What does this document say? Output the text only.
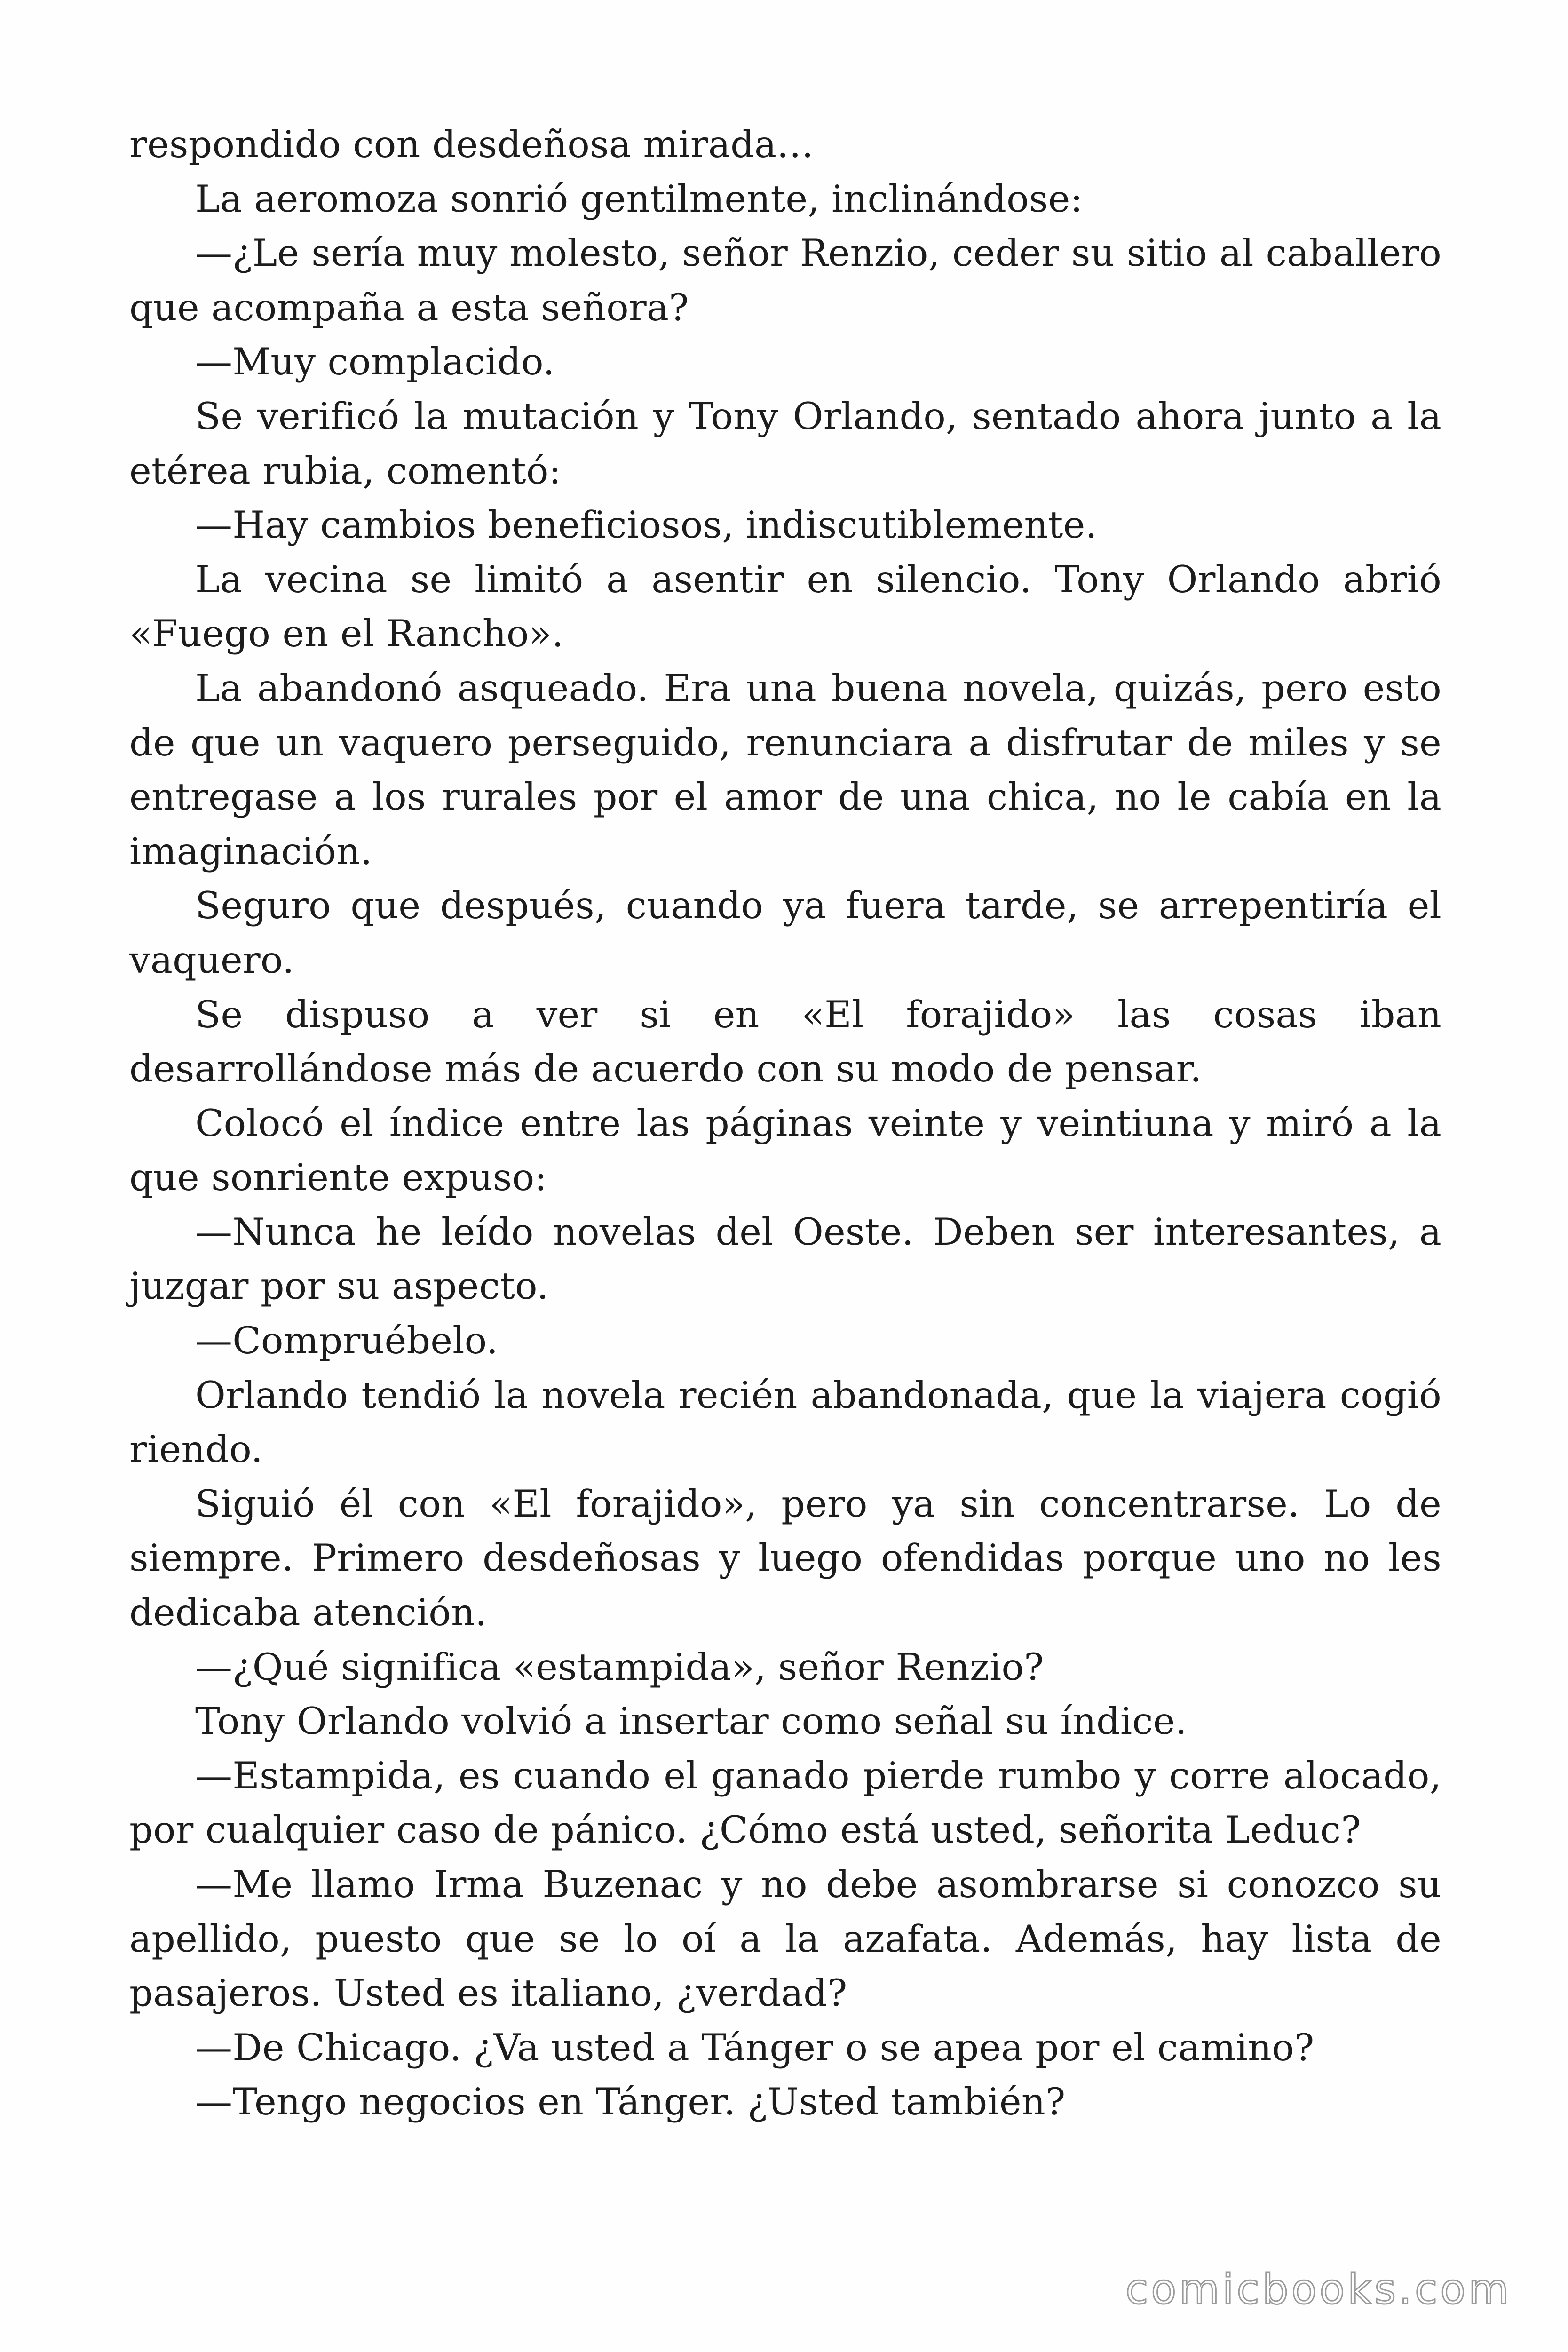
respondido con desdeñosa mirada…

La aeromoza sonrió gentilmente, inclinándose:

—¿Le sería muy molesto, señor Renzio, ceder su sitio al caballero que acompaña a esta señora?

—Muy complacido.

Se verificó la mutación y Tony Orlando, sentado ahora junto a la etérea rubia, comentó:

—Hay cambios beneficiosos, indiscutiblemente.

La vecina se limitó a asentir en silencio. Tony Orlando abrió «Fuego en el Rancho».

La abandonó asqueado. Era una buena novela, quizás, pero esto de que un vaquero perseguido, renunciara a disfrutar de miles y se entregase a los rurales por el amor de una chica, no le cabía en la imaginación.

Seguro que después, cuando ya fuera tarde, se arrepentiría el vaquero.

Se dispuso a ver si en «El forajido» las cosas iban desarrollándose más de acuerdo con su modo de pensar.

Colocó el índice entre las páginas veinte y veintiuna y miró a la que sonriente expuso:

—Nunca he leído novelas del Oeste. Deben ser interesantes, a juzgar por su aspecto.

—Compruébelo.

Orlando tendió la novela recién abandonada, que la viajera cogió riendo.

Siguió él con «El forajido», pero ya sin concentrarse. Lo de siempre. Primero desdeñosas y luego ofendidas porque uno no les dedicaba atención.

—¿Qué significa «estampida», señor Renzio?

Tony Orlando volvió a insertar como señal su índice.

—Estampida, es cuando el ganado pierde rumbo y corre alocado, por cualquier caso de pánico. ¿Cómo está usted, señorita Leduc?

—Me llamo Irma Buzenac y no debe asombrarse si conozco su apellido, puesto que se lo oí a la azafata. Además, hay lista de pasajeros. Usted es italiano, ¿verdad?

—De Chicago. ¿Va usted a Tánger o se apea por el camino?

—Tengo negocios en Tánger. ¿Usted también?

comicbooks.com
